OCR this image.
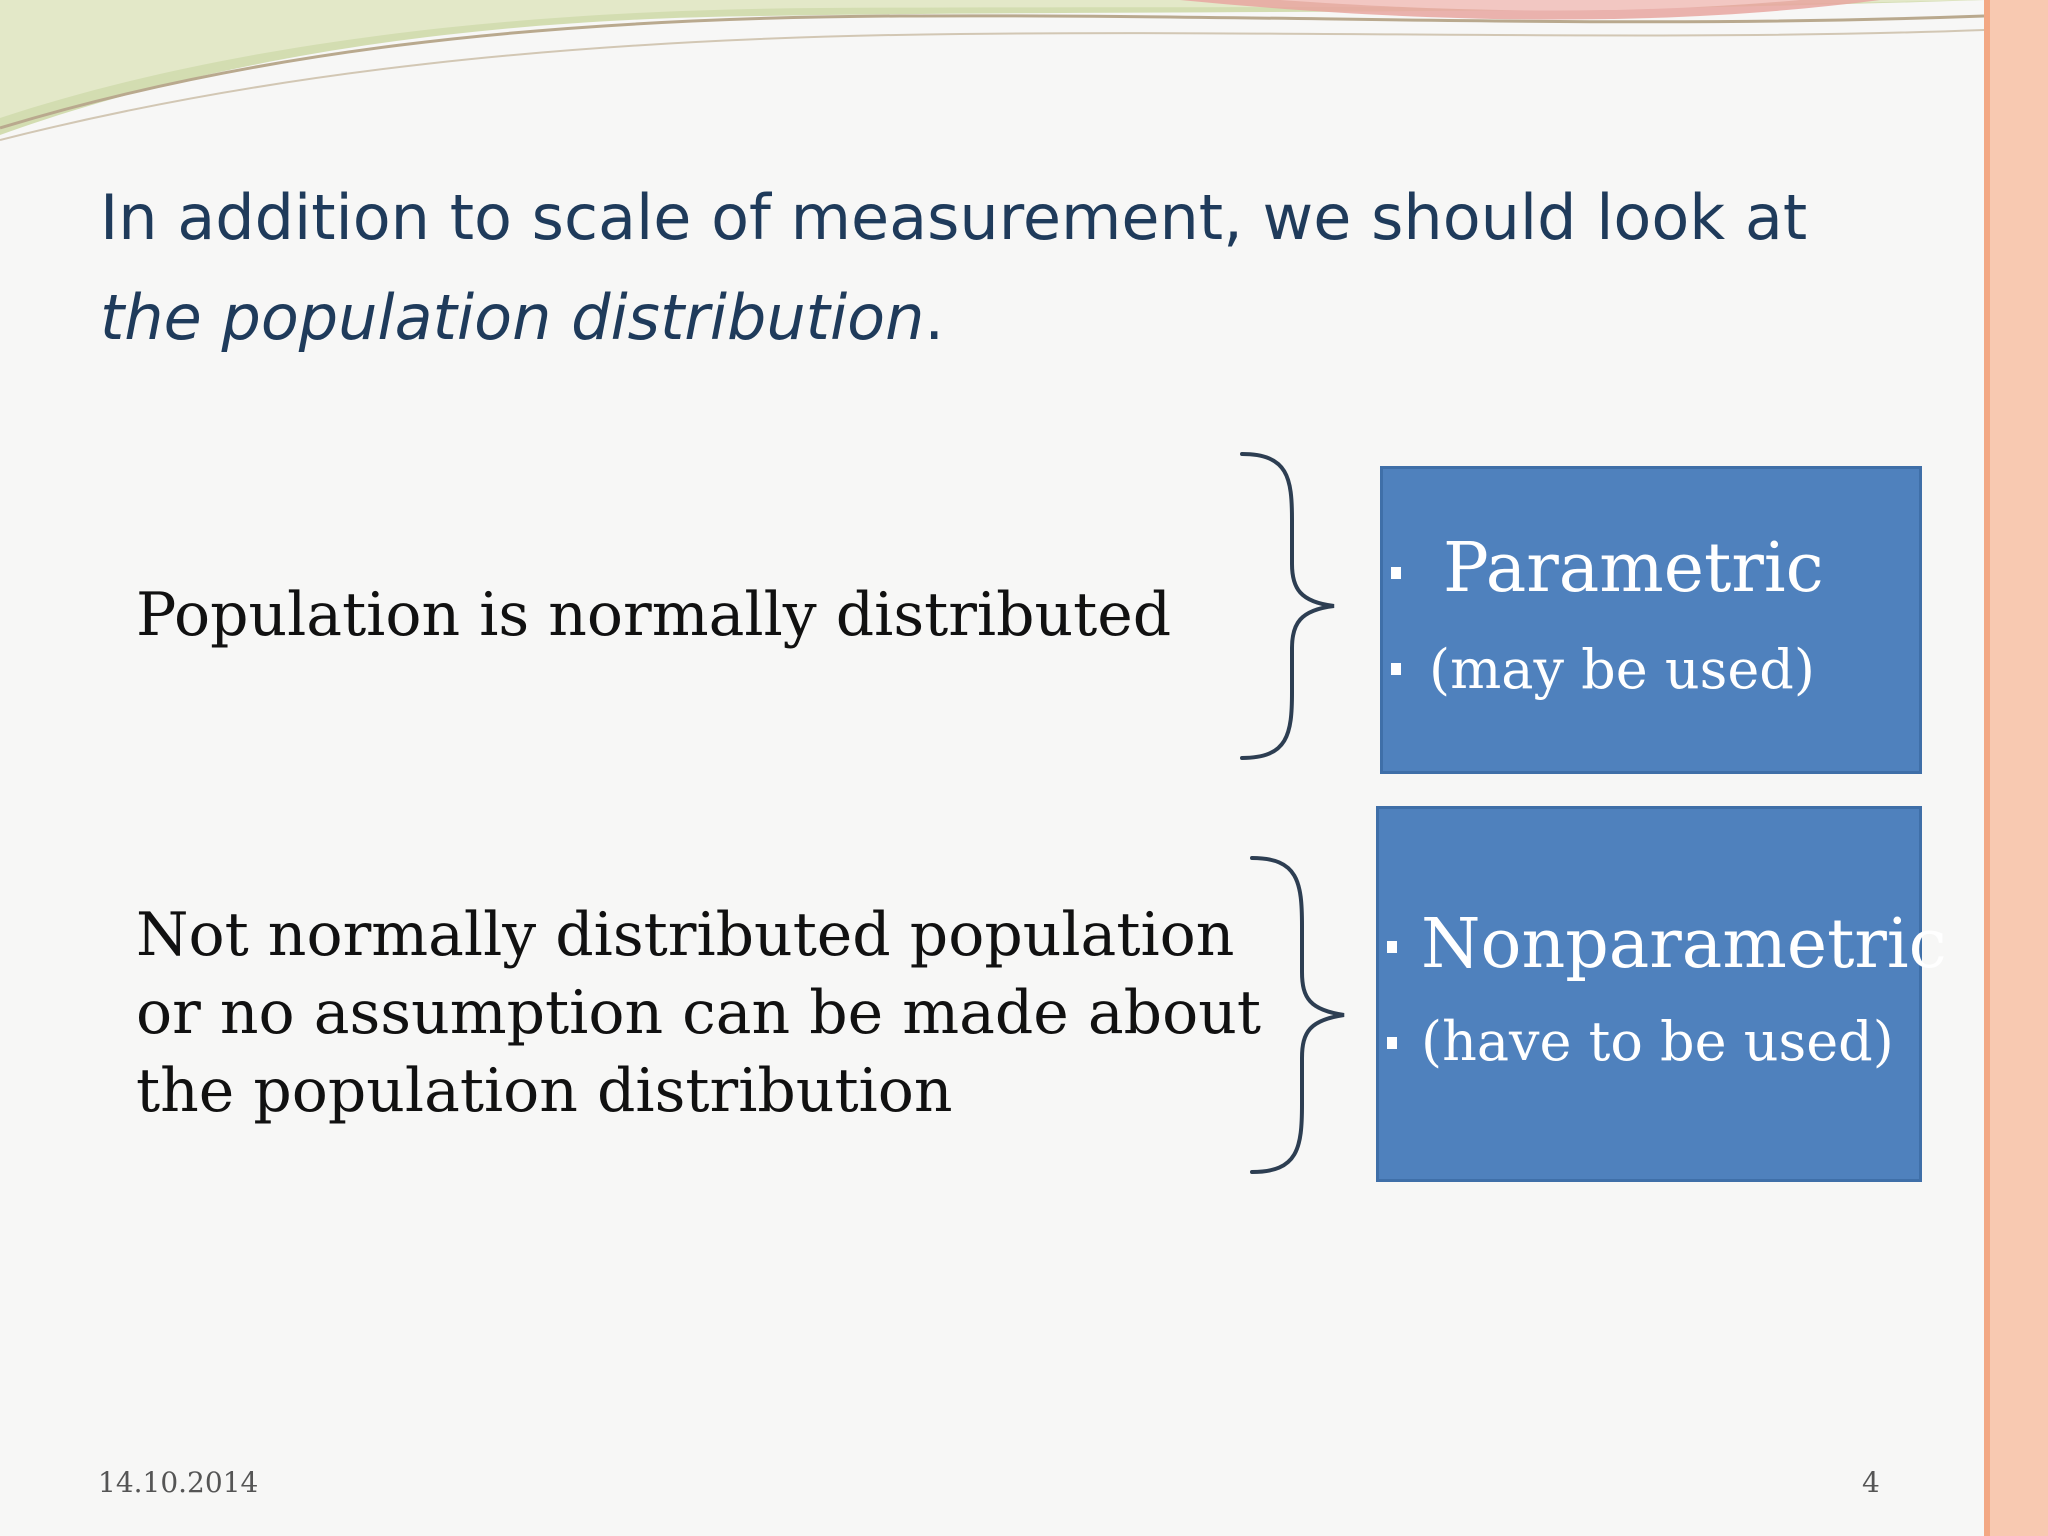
In addition to scale of measurement, we should look at
the population distribution.
Population is normally distributed
Not normally distributed population
or no assumption can be made about
the population distribution
Parametric
(may be used)
Nonparametric
(have to be used)
14.10.2014	4
